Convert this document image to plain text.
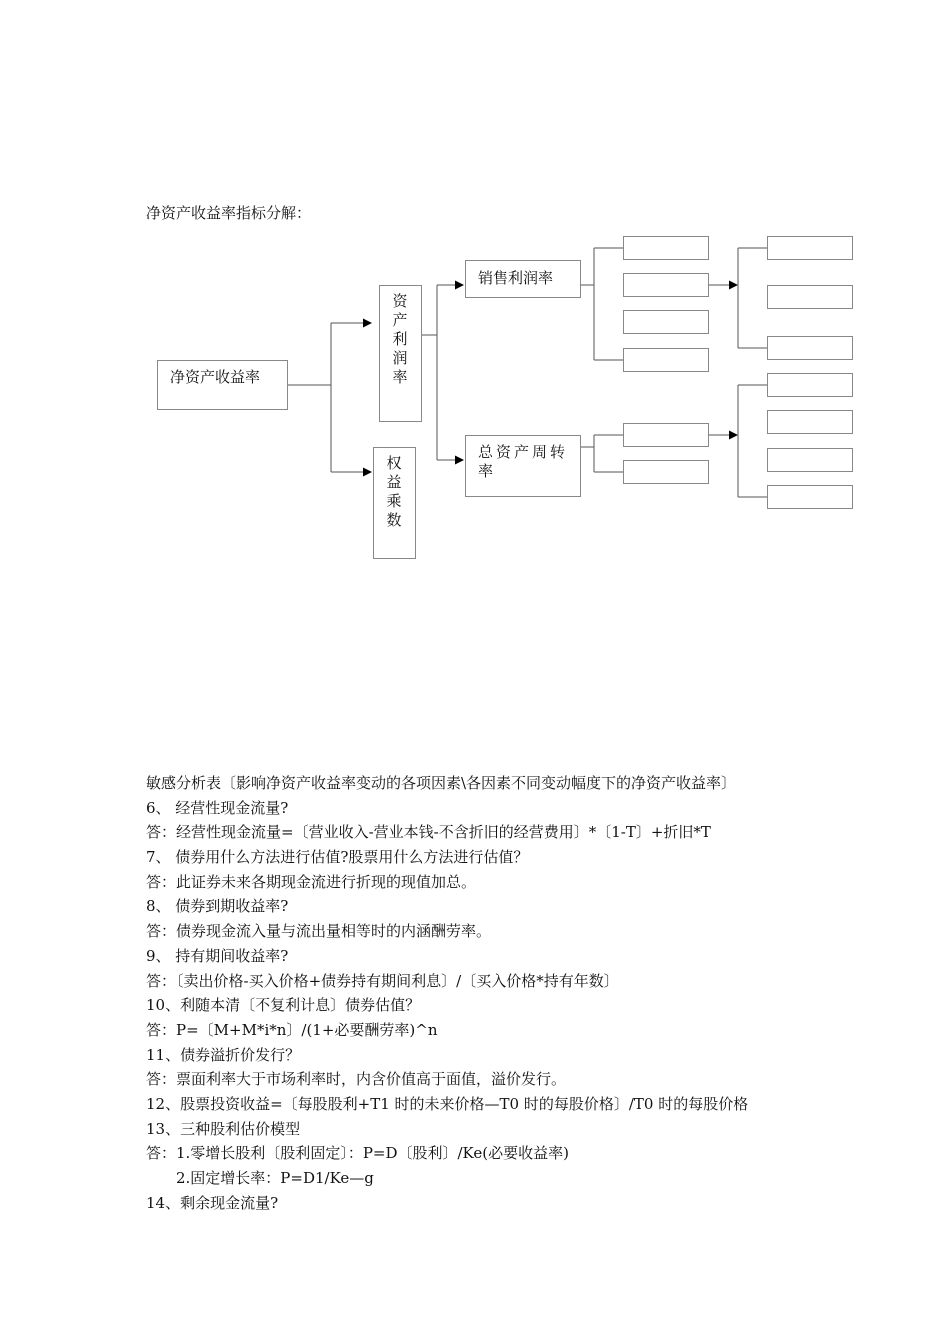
净资产收益率指标分解：
净资产收益率
资产利润率
权益乘数
销售利润率
总资产周转率
敏感分析表〔影响净资产收益率变动的各项因素\各因素不同变动幅度下的净资产收益率〕
6、 经营性现金流量?
答：经营性现金流量=〔营业收入-营业本钱-不含折旧的经营费用〕*〔1-T〕+折旧*T
7、 债券用什么方法进行估值?股票用什么方法进行估值？
答：此证券未来各期现金流进行折现的现值加总。
8、 债券到期收益率?
答：债券现金流入量与流出量相等时的内涵酬劳率。
9、 持有期间收益率?
答：〔卖出价格-买入价格+债券持有期间利息〕/〔买入价格*持有年数〕
10、利随本清〔不复利计息〕债券估值？
答：P=〔M+M*i*n〕/(1+必要酬劳率)^n
11、债券溢折价发行？
答：票面利率大于市场利率时，内含价值高于面值，溢价发行。
12、股票投资收益=〔每股股利+T1 时的未来价格—T0 时的每股价格〕/T0 时的每股价格
13、三种股利估价模型
答：1.零增长股利〔股利固定〕：P=D〔股利〕/Ke(必要收益率)
2.固定增长率：P=D1/Ke—g
14、剩余现金流量?
